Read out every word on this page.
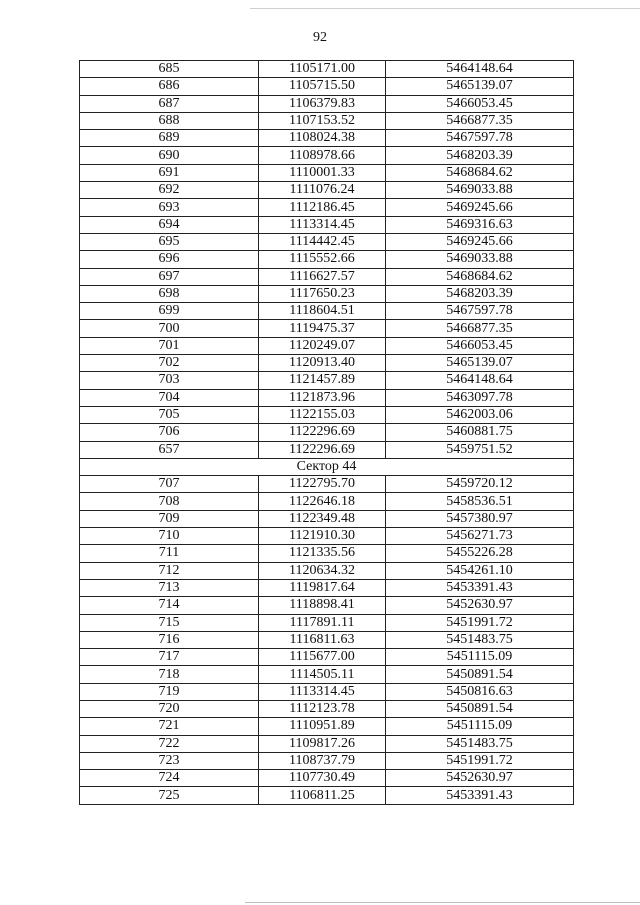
92
685	1105171.00	5464148.64
686	1105715.50	5465139.07
687	1106379.83	5466053.45
688	1107153.52	5466877.35
689	1108024.38	5467597.78
690	1108978.66	5468203.39
691	1110001.33	5468684.62
692	1111076.24	5469033.88
693	1112186.45	5469245.66
694	1113314.45	5469316.63
695	1114442.45	5469245.66
696	1115552.66	5469033.88
697	1116627.57	5468684.62
698	1117650.23	5468203.39
699	1118604.51	5467597.78
700	1119475.37	5466877.35
701	1120249.07	5466053.45
702	1120913.40	5465139.07
703	1121457.89	5464148.64
704	1121873.96	5463097.78
705	1122155.03	5462003.06
706	1122296.69	5460881.75
657	1122296.69	5459751.52
Сектор 44		
707	1122795.70	5459720.12
708	1122646.18	5458536.51
709	1122349.48	5457380.97
710	1121910.30	5456271.73
711	1121335.56	5455226.28
712	1120634.32	5454261.10
713	1119817.64	5453391.43
714	1118898.41	5452630.97
715	1117891.11	5451991.72
716	1116811.63	5451483.75
717	1115677.00	5451115.09
718	1114505.11	5450891.54
719	1113314.45	5450816.63
720	1112123.78	5450891.54
721	1110951.89	5451115.09
722	1109817.26	5451483.75
723	1108737.79	5451991.72
724	1107730.49	5452630.97
725	1106811.25	5453391.43
